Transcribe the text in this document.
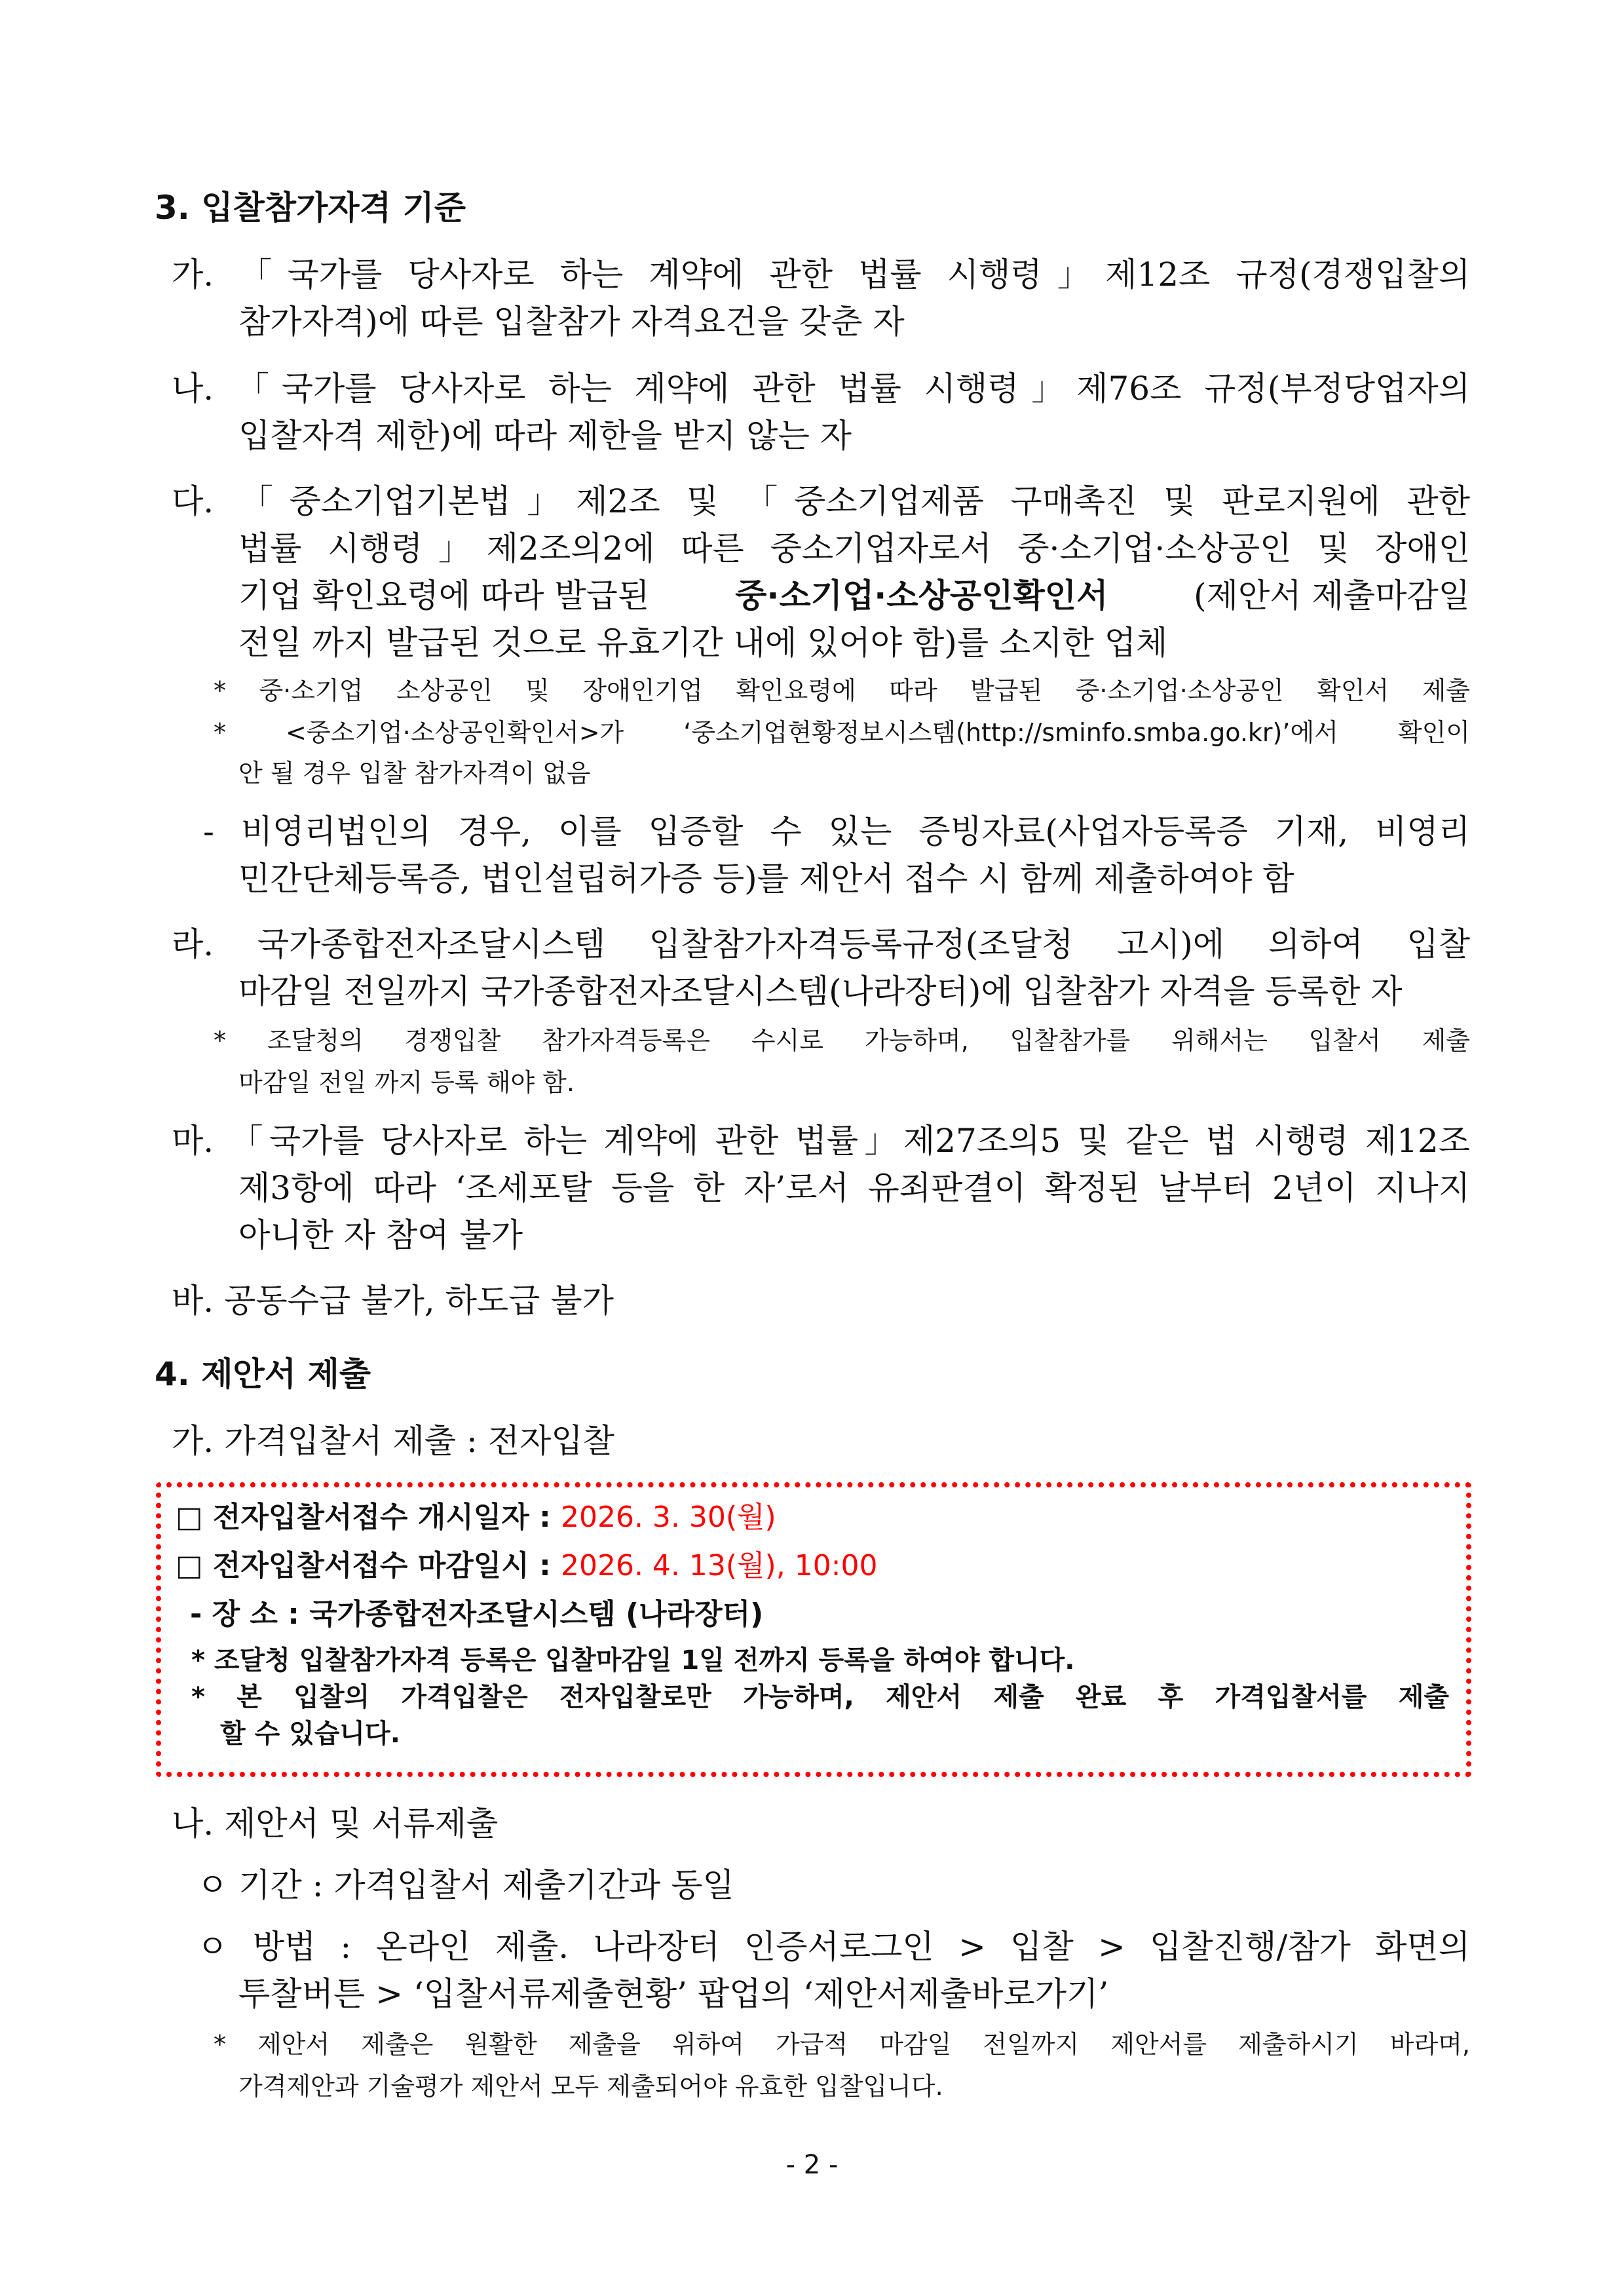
3. 입찰참가자격 기준
가. 「국가를 당사자로 하는 계약에 관한 법률 시행령」제12조 규정(경쟁입찰의
참가자격)에 따른 입찰참가 자격요건을 갖춘 자
나. 「국가를 당사자로 하는 계약에 관한 법률 시행령」제76조 규정(부정당업자의
입찰자격 제한)에 따라 제한을 받지 않는 자
다. 「중소기업기본법」제2조 및 「중소기업제품 구매촉진 및 판로지원에 관한
법률 시행령」제2조의2에 따른 중소기업자로서 중·소기업·소상공인 및 장애인
기업 확인요령에 따라 발급된	중·소기업·소상공인확인서	(제안서 제출마감일
전일 까지 발급된 것으로 유효기간 내에 있어야 함)를 소지한 업체
* 중·소기업 소상공인 및 장애인기업 확인요령에 따라 발급된 중·소기업·소상공인 확인서 제출
* <중소기업·소상공인확인서>가 ‘중소기업현황정보시스템(http://sminfo.smba.go.kr)’에서 확인이
안 될 경우 입찰 참가자격이 없음
- 비영리법인의 경우, 이를 입증할 수 있는 증빙자료(사업자등록증 기재, 비영리
민간단체등록증, 법인설립허가증 등)를 제안서 접수 시 함께 제출하여야 함
라. 국가종합전자조달시스템 입찰참가자격등록규정(조달청 고시)에 의하여 입찰
마감일 전일까지 국가종합전자조달시스템(나라장터)에 입찰참가 자격을 등록한 자
* 조달청의 경쟁입찰 참가자격등록은 수시로 가능하며, 입찰참가를 위해서는 입찰서 제출
마감일 전일 까지 등록 해야 함.
마. 「국가를 당사자로 하는 계약에 관한 법률」제27조의5 및 같은 법 시행령 제12조
제3항에 따라 ‘조세포탈 등을 한 자’로서 유죄판결이 확정된 날부터 2년이 지나지
아니한 자 참여 불가
바. 공동수급 불가, 하도급 불가
4. 제안서 제출
가. 가격입찰서 제출 : 전자입찰
□ 전자입찰서접수 개시일자 : 2026. 3. 30(월)
□ 전자입찰서접수 마감일시 : 2026. 4. 13(월), 10:00
- 장 소 : 국가종합전자조달시스템 (나라장터)
* 조달청 입찰참가자격 등록은 입찰마감일 1일 전까지 등록을 하여야 합니다.
* 본 입찰의 가격입찰은 전자입찰로만 가능하며, 제안서 제출 완료 후 가격입찰서를 제출
할 수 있습니다.
나. 제안서 및 서류제출
ㅇ 기간 : 가격입찰서 제출기간과 동일
ㅇ 방법 : 온라인 제출. 나라장터 인증서로그인 > 입찰 > 입찰진행/참가 화면의
투찰버튼 > ‘입찰서류제출현황’ 팝업의 ‘제안서제출바로가기’
* 제안서 제출은 원활한 제출을 위하여 가급적 마감일 전일까지 제안서를 제출하시기 바라며,
가격제안과 기술평가 제안서 모두 제출되어야 유효한 입찰입니다.
- 2 -
